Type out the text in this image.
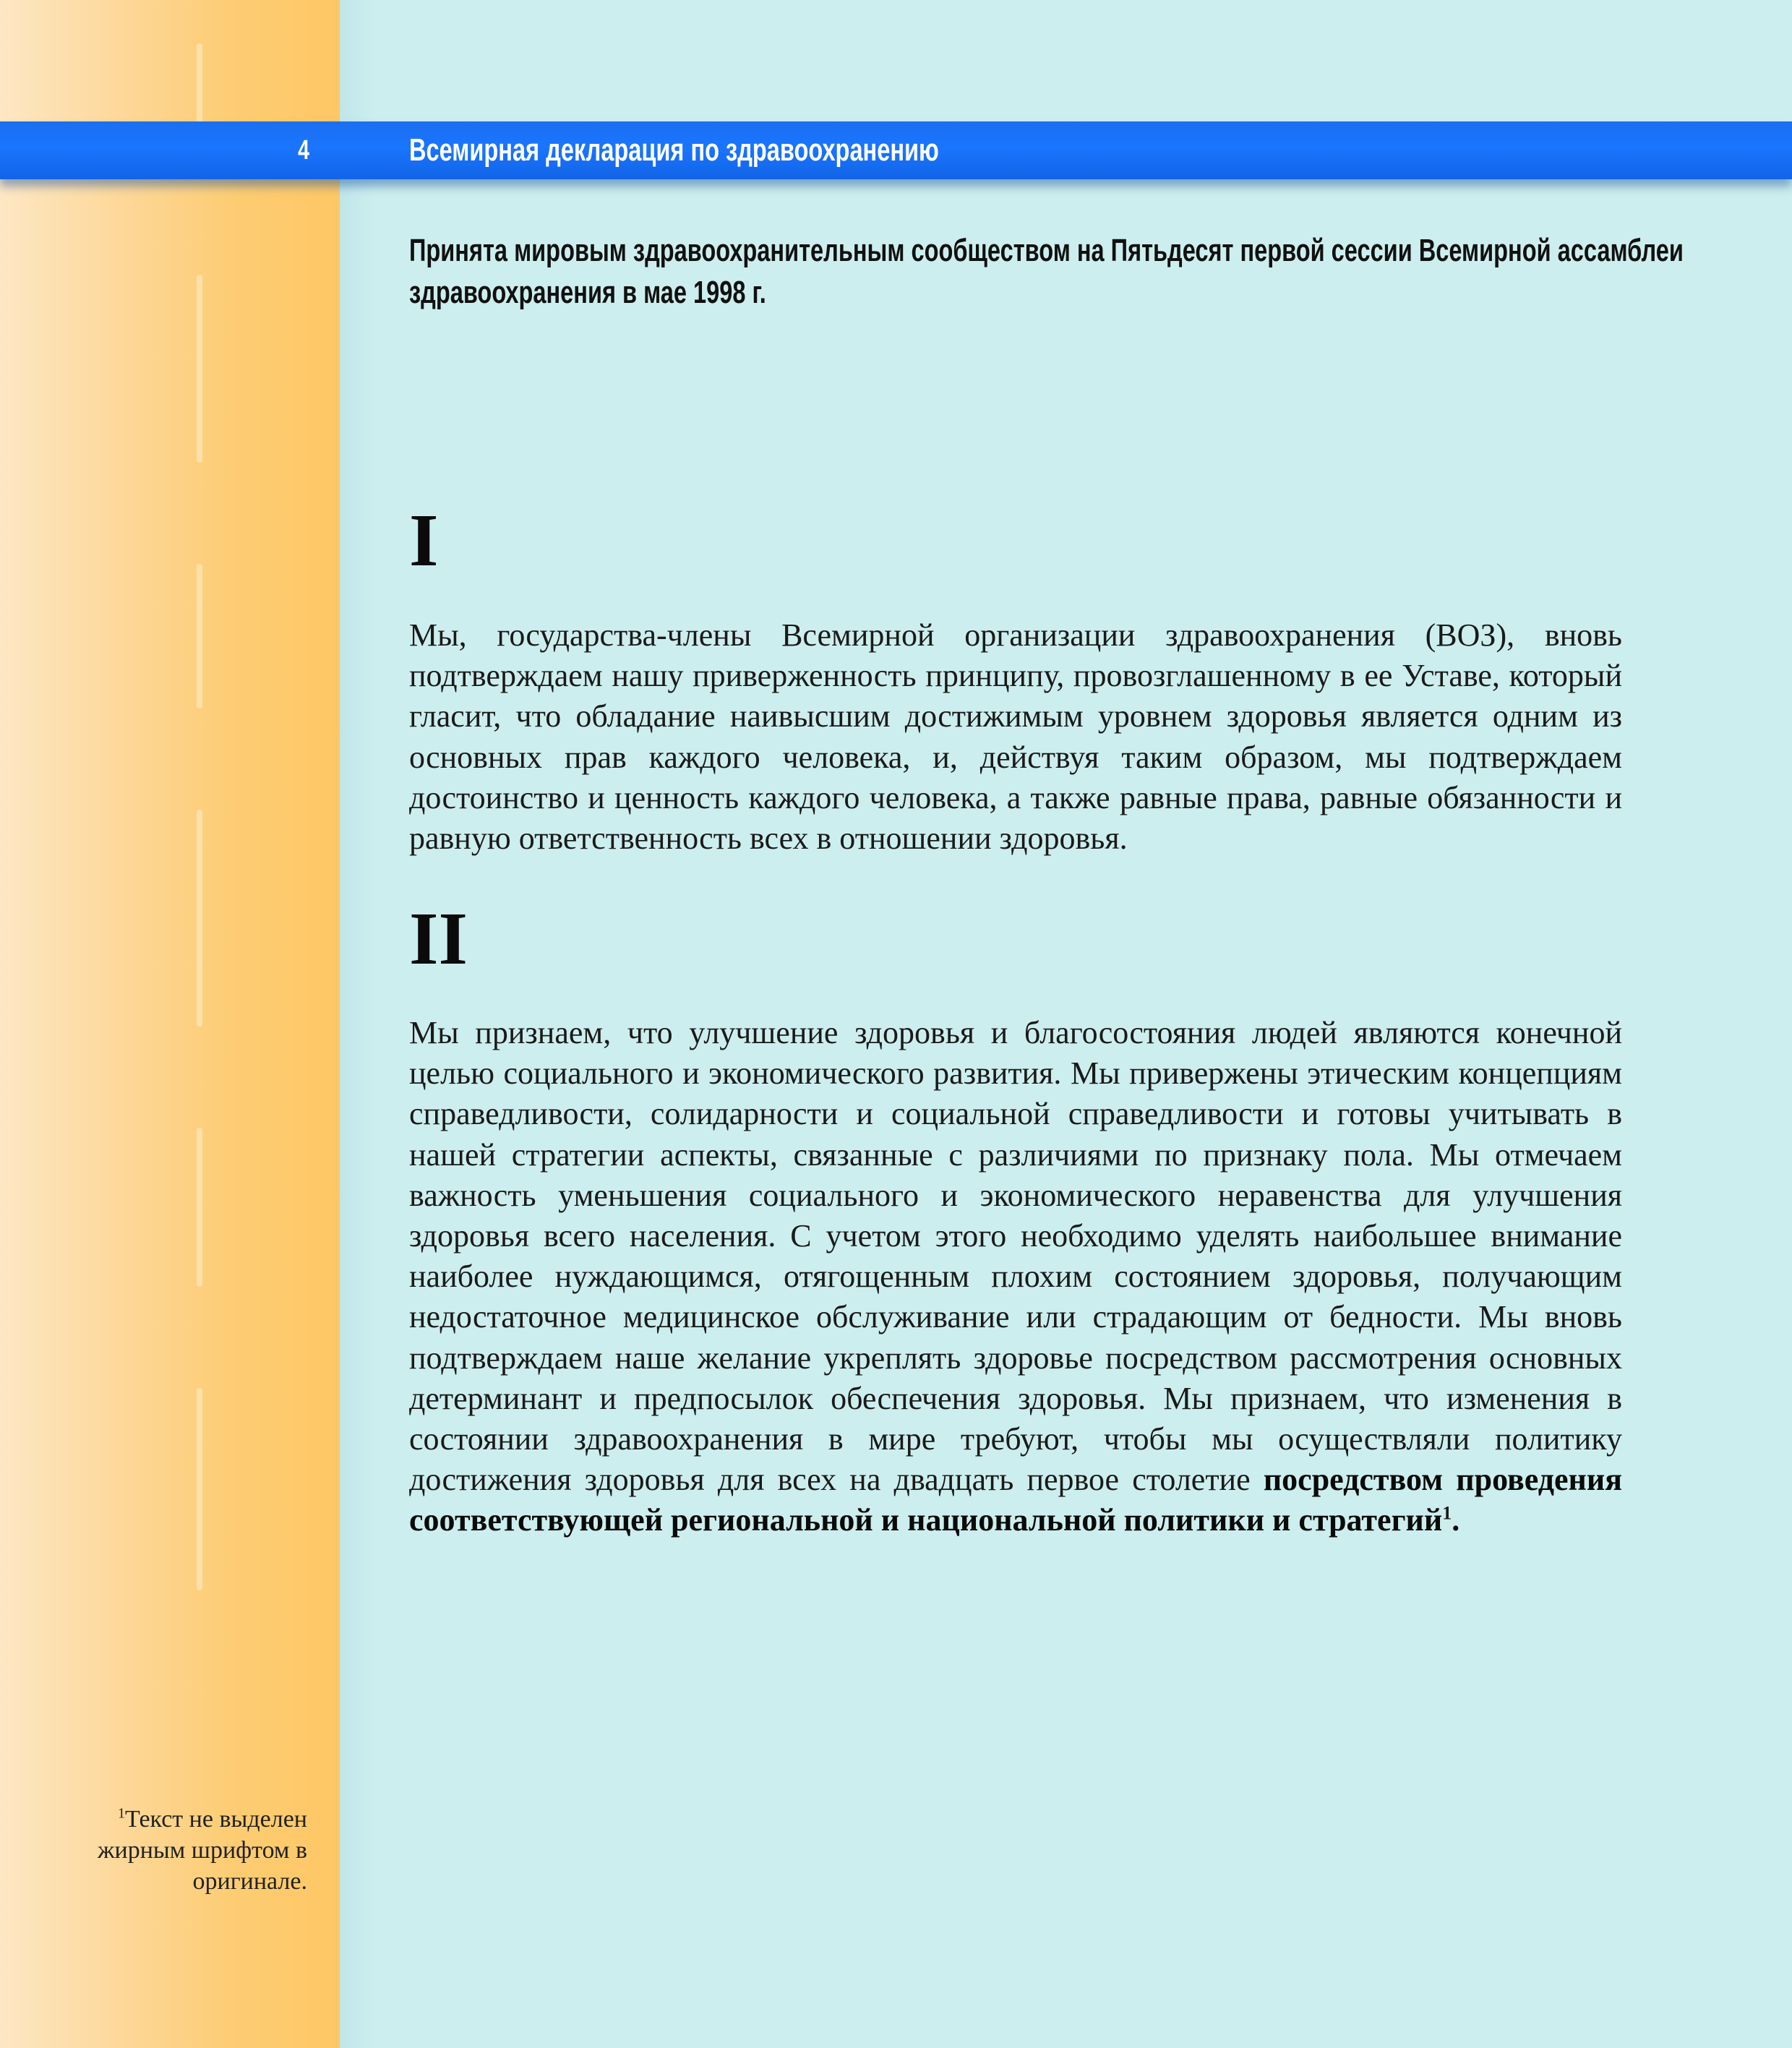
4	Всемирная декларация по здравоохранению
Принята мировым здравоохранительным сообществом на Пятьдесят первой сессии Всемирной ассамблеи здравоохранения в мае 1998 г.
I

Мы, государства-члены Всемирной организации здравоохранения (ВОЗ), вновь подтверждаем нашу приверженность принципу, провозглашенному в ее Уставе, который гласит, что обладание наивысшим достижимым уровнем здоровья является одним из основных прав каждого человека, и, действуя таким образом, мы подтверждаем достоинство и ценность каждого человека, а также равные права, равные обязанности и равную ответственность всех в отношении здоровья.

II

Мы признаем, что улучшение здоровья и благосостояния людей являются конечной целью социального и экономического развития. Мы привержены этическим концепциям справедливости, солидарности и социальной справедливости и готовы учитывать в нашей стратегии аспекты, связанные с различиями по признаку пола. Мы отмечаем важность уменьшения социального и экономического неравенства для улучшения здоровья всего населения. С учетом этого необходимо уделять наибольшее внимание наиболее нуждающимся, отягощенным плохим состоянием здоровья, получающим недостаточное медицинское обслуживание или страдающим от бедности. Мы вновь подтверждаем наше желание укреплять здоровье посредством рассмотрения основных детерминант и предпосылок обеспечения здоровья. Мы признаем, что изменения в состоянии здравоохранения в мире требуют, чтобы мы осуществляли политику достижения здоровья для всех на двадцать первое столетие посредством проведения соответствующей региональной и национальной политики и стратегий$^1$.

$^1$Текст не выделен жирным шрифтом в оригинале.
